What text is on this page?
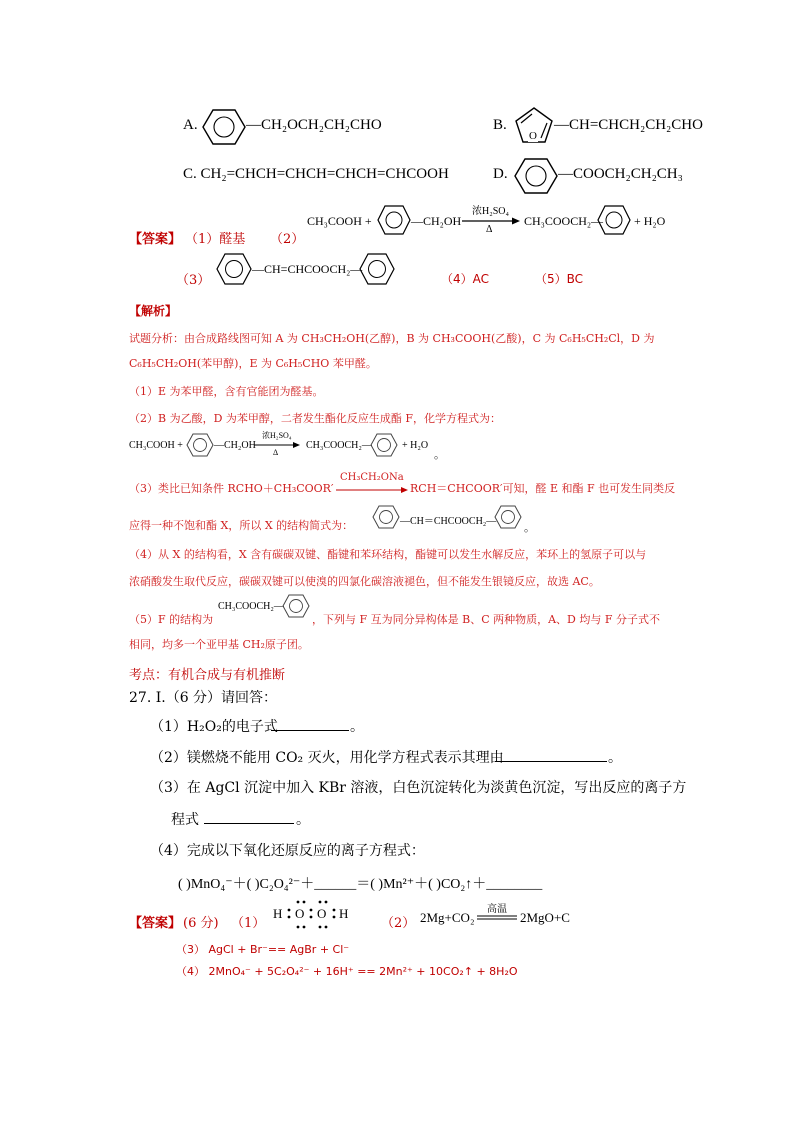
A.	—CH₂OCH₂CH₂CHO	B.
O
—CH=CHCH₂CH₂CHO
C. CH₂=CHCH=CHCH=CHCH=CHCOOH	D.	—COOCH₂CH₂CH₃
【答案】 （1）醛基 （2）
CH₃COOH +	—CH₂OH
浓H₂SO₄
Δ
CH₃COOCH₂—	+ H₂O
（3）
—CH=CHCOOCH₂—
（4）AC	（5）BC
【解析】
试题分析：由合成路线图可知 A 为 CH₃CH₂OH(乙醇)，B 为 CH₃COOH(乙酸)，C 为 C₆H₅CH₂Cl，D 为
C₆H₅CH₂OH(苯甲醇)，E 为 C₆H₅CHO 苯甲醛。
（1）E 为苯甲醛，含有官能团为醛基。
（2）B 为乙酸，D 为苯甲醇，二者发生酯化反应生成酯 F，化学方程式为：
CH₃COOH +	—CH₂OH
浓H₂SO₄
Δ
CH₃COOCH₂—	+ H₂O
。
（3）类比已知条件 RCHO＋CH₃COOR′
CH₃CH₂ONa
RCH＝CHCOOR′可知，醛 E 和酯 F 也可发生同类反
应得一种不饱和酯 X，所以 X 的结构简式为：	—CH＝CHCOOCH₂—	。
（4）从 X 的结构看，X 含有碳碳双键、酯键和苯环结构，酯键可以发生水解反应，苯环上的氢原子可以与
浓硝酸发生取代反应，碳碳双键可以使溴的四氯化碳溶液褪色，但不能发生银镜反应，故选 AC。
（5）F 的结构为
CH₃COOCH₂—
，下列与 F 互为同分异构体是 B、C 两种物质，A、D 均与 F 分子式不
相同，均多一个亚甲基 CH₂原子团。
考点：有机合成与有机推断
27. Ⅰ.（6 分）请回答：
（1）H₂O₂的电子式	。
（2）镁燃烧不能用 CO₂ 灭火，用化学方程式表示其理由	。
（3）在 AgCl 沉淀中加入 KBr 溶液，白色沉淀转化为淡黄色沉淀，写出反应的离子方
程式	。
（4）完成以下氧化还原反应的离子方程式：
( )MnO₄⁻＋( )C₂O₄²⁻＋______＝( )Mn²⁺＋( )CO₂↑＋________
【答案】 (6 分) （1）
H O O H
（2） 2Mg+CO₂
高温
2MgO+C
（3） AgCl + Br⁻== AgBr + Cl⁻
（4） 2MnO₄⁻ + 5C₂O₄²⁻ + 16H⁺ == 2Mn²⁺ + 10CO₂↑ + 8H₂O
